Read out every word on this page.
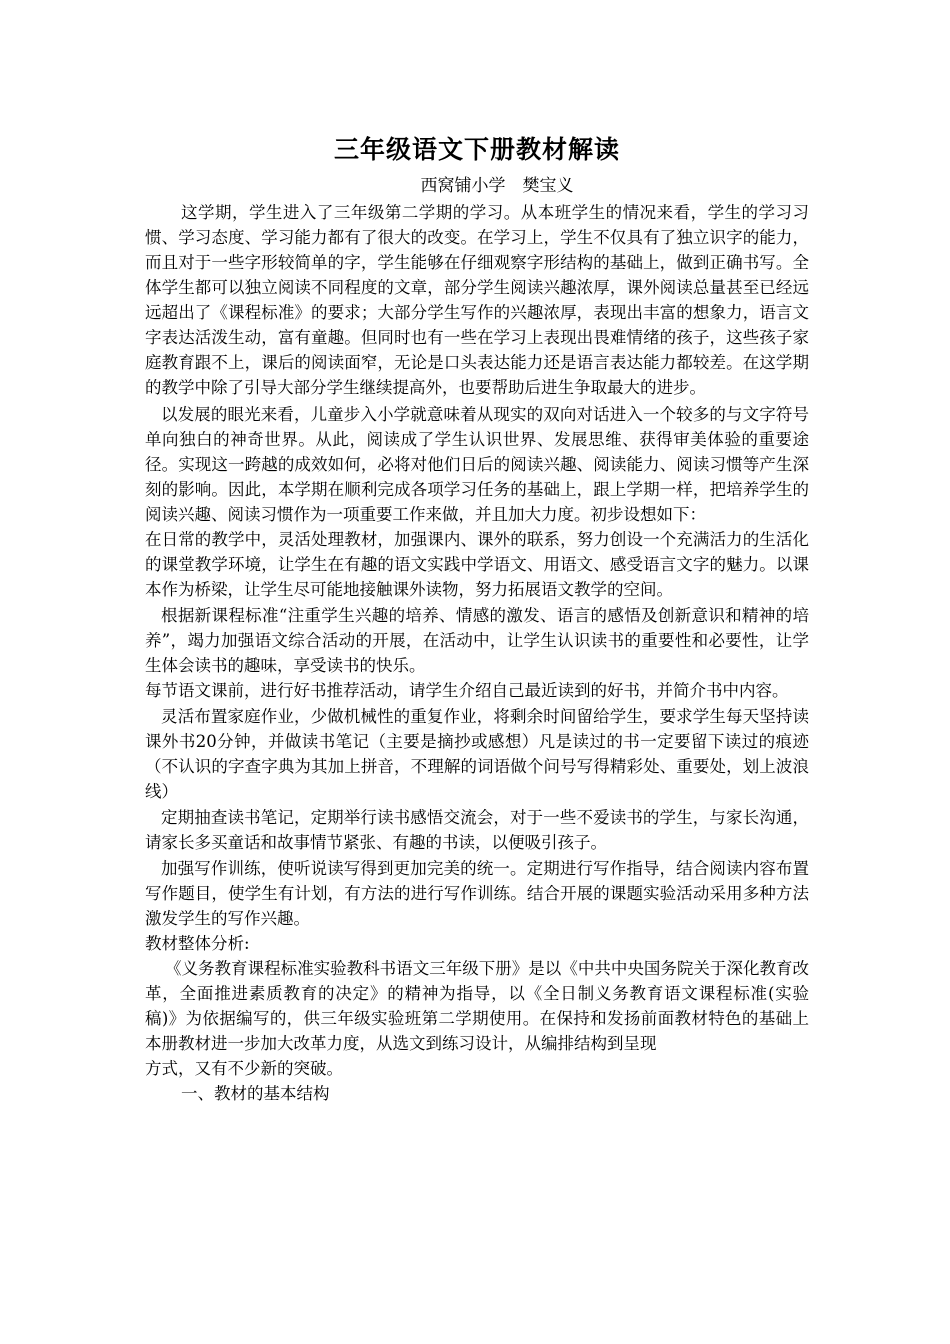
三年级语文下册教材解读
西窝铺小学　樊宝义

这学期，学生进入了三年级第二学期的学习。从本班学生的情况来看，学生的学习习惯、学习态度、学习能力都有了很大的改变。在学习上，学生不仅具有了独立识字的能力，而且对于一些字形较简单的字，学生能够在仔细观察字形结构的基础上，做到正确书写。全体学生都可以独立阅读不同程度的文章，部分学生阅读兴趣浓厚，课外阅读总量甚至已经远远超出了《课程标准》的要求；大部分学生写作的兴趣浓厚，表现出丰富的想象力，语言文字表达活泼生动，富有童趣。但同时也有一些在学习上表现出畏难情绪的孩子，这些孩子家庭教育跟不上，课后的阅读面窄，无论是口头表达能力还是语言表达能力都较差。在这学期的教学中除了引导大部分学生继续提高外，也要帮助后进生争取最大的进步。

以发展的眼光来看，儿童步入小学就意味着从现实的双向对话进入一个较多的与文字符号单向独白的神奇世界。从此，阅读成了学生认识世界、发展思维、获得审美体验的重要途径。实现这一跨越的成效如何，必将对他们日后的阅读兴趣、阅读能力、阅读习惯等产生深刻的影响。因此，本学期在顺利完成各项学习任务的基础上，跟上学期一样，把培养学生的阅读兴趣、阅读习惯作为一项重要工作来做，并且加大力度。初步设想如下：

在日常的教学中，灵活处理教材，加强课内、课外的联系，努力创设一个充满活力的生活化的课堂教学环境，让学生在有趣的语文实践中学语文、用语文、感受语言文字的魅力。以课本作为桥梁，让学生尽可能地接触课外读物，努力拓展语文教学的空间。

根据新课程标准“注重学生兴趣的培养、情感的激发、语言的感悟及创新意识和精神的培养”，竭力加强语文综合活动的开展，在活动中，让学生认识读书的重要性和必要性，让学生体会读书的趣味，享受读书的快乐。

每节语文课前，进行好书推荐活动，请学生介绍自己最近读到的好书，并简介书中内容。

灵活布置家庭作业，少做机械性的重复作业，将剩余时间留给学生，要求学生每天坚持读课外书20分钟，并做读书笔记（主要是摘抄或感想）凡是读过的书一定要留下读过的痕迹（不认识的字查字典为其加上拼音，不理解的词语做个问号写得精彩处、重要处，划上波浪线）

定期抽查读书笔记，定期举行读书感悟交流会，对于一些不爱读书的学生，与家长沟通，请家长多买童话和故事情节紧张、有趣的书读，以便吸引孩子。

加强写作训练，使听说读写得到更加完美的统一。定期进行写作指导，结合阅读内容布置写作题目，使学生有计划，有方法的进行写作训练。结合开展的课题实验活动采用多种方法激发学生的写作兴趣。

教材整体分析:

《义务教育课程标准实验教科书语文三年级下册》是以《中共中央国务院关于深化教育改革，全面推进素质教育的决定》的精神为指导，以《全日制义务教育语文课程标准(实验稿)》为依据编写的，供三年级实验班第二学期使用。在保持和发扬前面教材特色的基础上本册教材进一步加大改革力度，从选文到练习设计，从编排结构到呈现

方式，又有不少新的突破。

一、教材的基本结构
